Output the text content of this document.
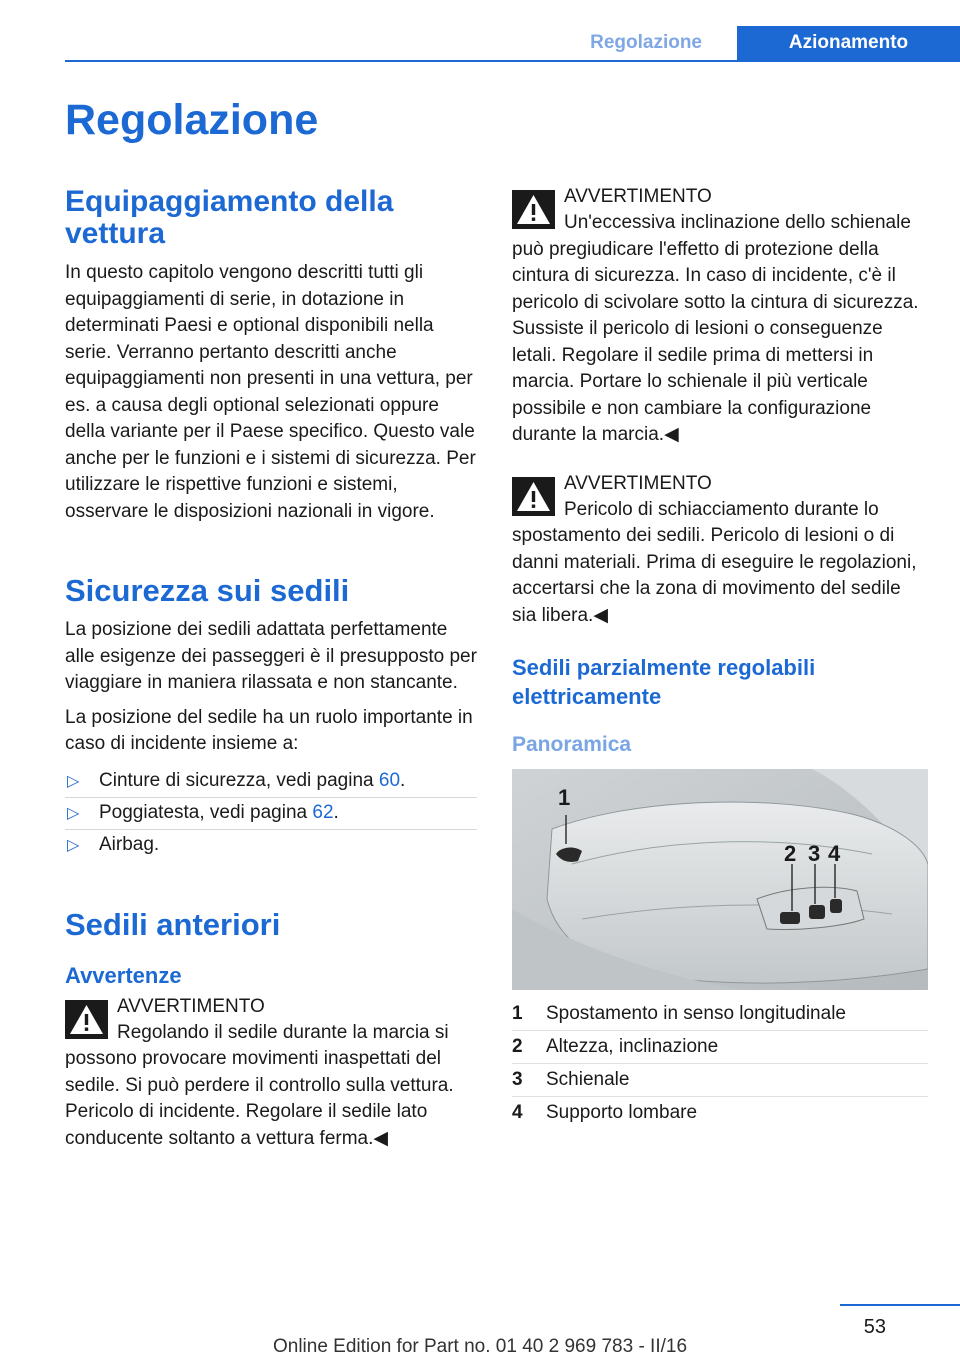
Regolazione	Azionamento
Regolazione
Equipaggiamento della vettura

In questo capitolo vengono descritti tutti gli equipaggiamenti di serie, in dotazione in determinati Paesi e optional disponibili nella serie. Verranno pertanto descritti anche equipaggiamenti non presenti in una vettura, per es. a causa degli optional selezionati oppure della variante per il Paese specifico. Questo vale anche per le funzioni e i sistemi di sicurezza. Per utilizzare le rispettive funzioni e sistemi, osservare le disposizioni nazionali in vigore.

Sicurezza sui sedili

La posizione dei sedili adattata perfettamente alle esigenze dei passeggeri è il presupposto per viaggiare in maniera rilassata e non stancante.

La posizione del sedile ha un ruolo importante in caso di incidente insieme a:

▷ Cinture di sicurezza, vedi pagina 60.
▷ Poggiatesta, vedi pagina 62.
▷ Airbag.
Sedili anteriori
Avvertenze
AVVERTIMENTO
Regolando il sedile durante la marcia si
possono provocare movimenti inaspettati del sedile. Si può perdere il controllo sulla vettura. Pericolo di incidente. Regolare il sedile lato conducente soltanto a vettura ferma.◀
AVVERTIMENTO
Un'eccessiva inclinazione dello schienale
può pregiudicare l'effetto di protezione della cintura di sicurezza. In caso di incidente, c'è il pericolo di scivolare sotto la cintura di sicurezza. Sussiste il pericolo di lesioni o conseguenze letali. Regolare il sedile prima di mettersi in marcia. Portare lo schienale il più verticale possibile e non cambiare la configurazione durante la marcia.◀
AVVERTIMENTO
Pericolo di schiacciamento durante lo
spostamento dei sedili. Pericolo di lesioni o di danni materiali. Prima di eseguire le regolazioni, accertarsi che la zona di movimento del sedile sia libera.◀
Sedili parzialmente regolabili elettricamente
Panoramica
1
2 3 4
1	Spostamento in senso longitudinale
2	Altezza, inclinazione
3	Schienale
4	Supporto lombare
53
Online Edition for Part no. 01 40 2 969 783 - II/16
